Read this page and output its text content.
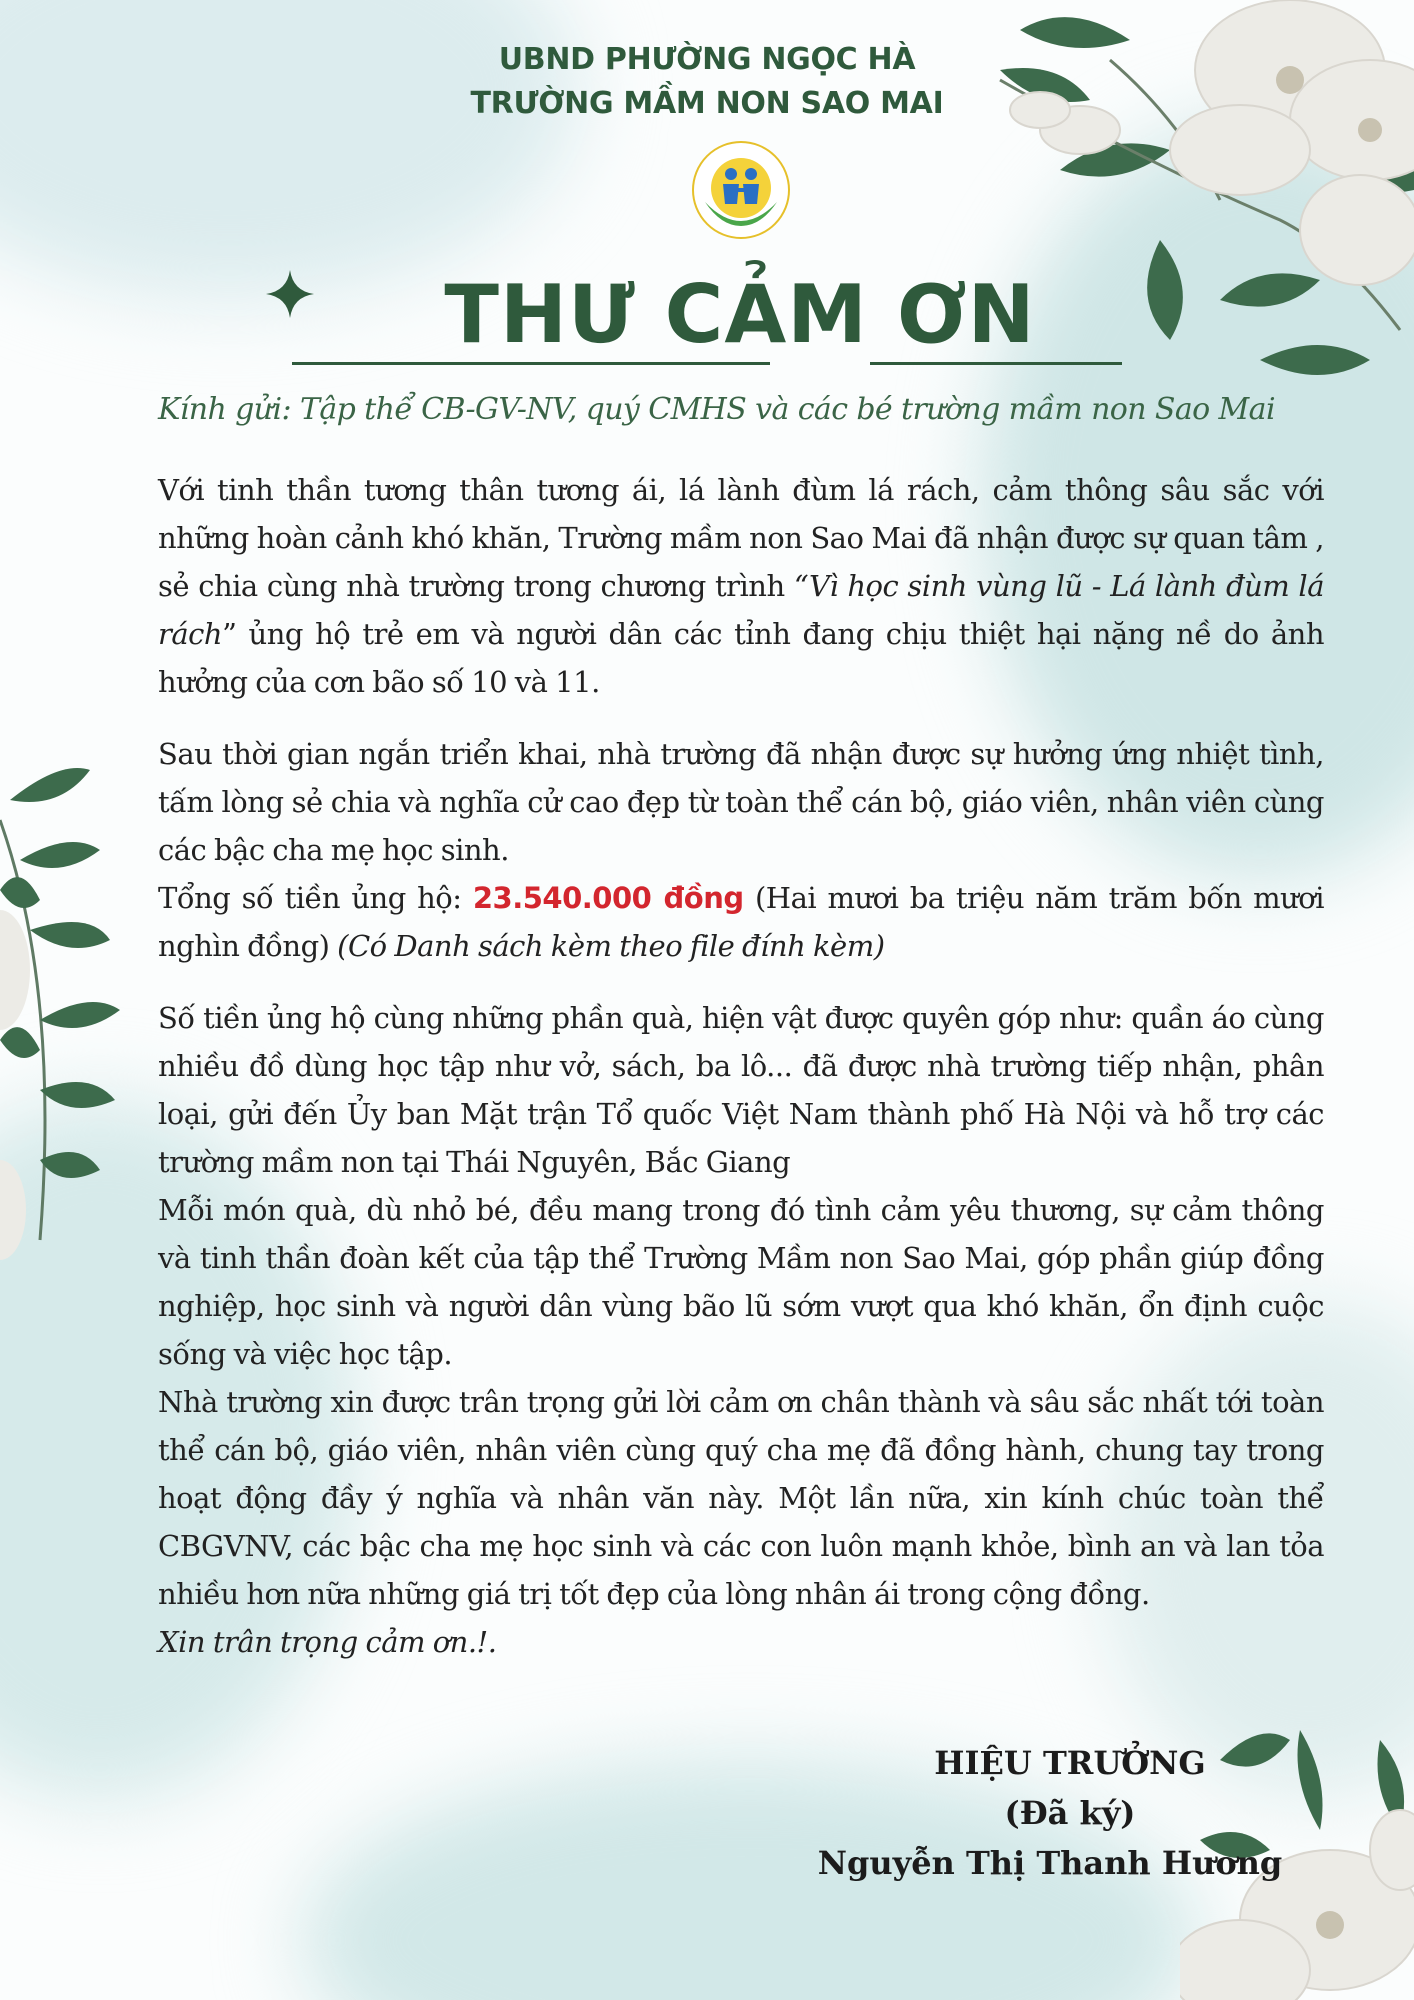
UBND PHƯỜNG NGỌC HÀ
TRƯỜNG MẦM NON SAO MAI
THƯ CẢM ƠN
Kính gửi: Tập thể CB-GV-NV, quý CMHS và các bé trường mầm non Sao Mai

Với tinh thần tương thân tương ái, lá lành đùm lá rách, cảm thông sâu sắc với những hoàn cảnh khó khăn, Trường mầm non Sao Mai đã nhận được sự quan tâm , sẻ chia cùng nhà trường trong chương trình “Vì học sinh vùng lũ - Lá lành đùm lá rách” ủng hộ trẻ em và người dân các tỉnh đang chịu thiệt hại nặng nề do ảnh hưởng của cơn bão số 10 và 11.

Sau thời gian ngắn triển khai, nhà trường đã nhận được sự hưởng ứng nhiệt tình, tấm lòng sẻ chia và nghĩa cử cao đẹp từ toàn thể cán bộ, giáo viên, nhân viên cùng các bậc cha mẹ học sinh.

Tổng số tiền ủng hộ: 23.540.000 đồng (Hai mươi ba triệu năm trăm bốn mươi nghìn đồng) (Có Danh sách kèm theo file đính kèm)

Số tiền ủng hộ cùng những phần quà, hiện vật được quyên góp như: quần áo cùng nhiều đồ dùng học tập như vở, sách, ba lô... đã được nhà trường tiếp nhận, phân loại, gửi đến Ủy ban Mặt trận Tổ quốc Việt Nam thành phố Hà Nội và hỗ trợ các trường mầm non tại Thái Nguyên, Bắc Giang

Mỗi món quà, dù nhỏ bé, đều mang trong đó tình cảm yêu thương, sự cảm thông và tinh thần đoàn kết của tập thể Trường Mầm non Sao Mai, góp phần giúp đồng nghiệp, học sinh và người dân vùng bão lũ sớm vượt qua khó khăn, ổn định cuộc sống và việc học tập.

Nhà trường xin được trân trọng gửi lời cảm ơn chân thành và sâu sắc nhất tới toàn thể cán bộ, giáo viên, nhân viên cùng quý cha mẹ đã đồng hành, chung tay trong hoạt động đầy ý nghĩa và nhân văn này. Một lần nữa, xin kính chúc toàn thể CBGVNV, các bậc cha mẹ học sinh và các con luôn mạnh khỏe, bình an và lan tỏa nhiều hơn nữa những giá trị tốt đẹp của lòng nhân ái trong cộng đồng.

Xin trân trọng cảm ơn.!.

HIỆU TRƯỞNG
(Đã ký)
Nguyễn Thị Thanh Hương
